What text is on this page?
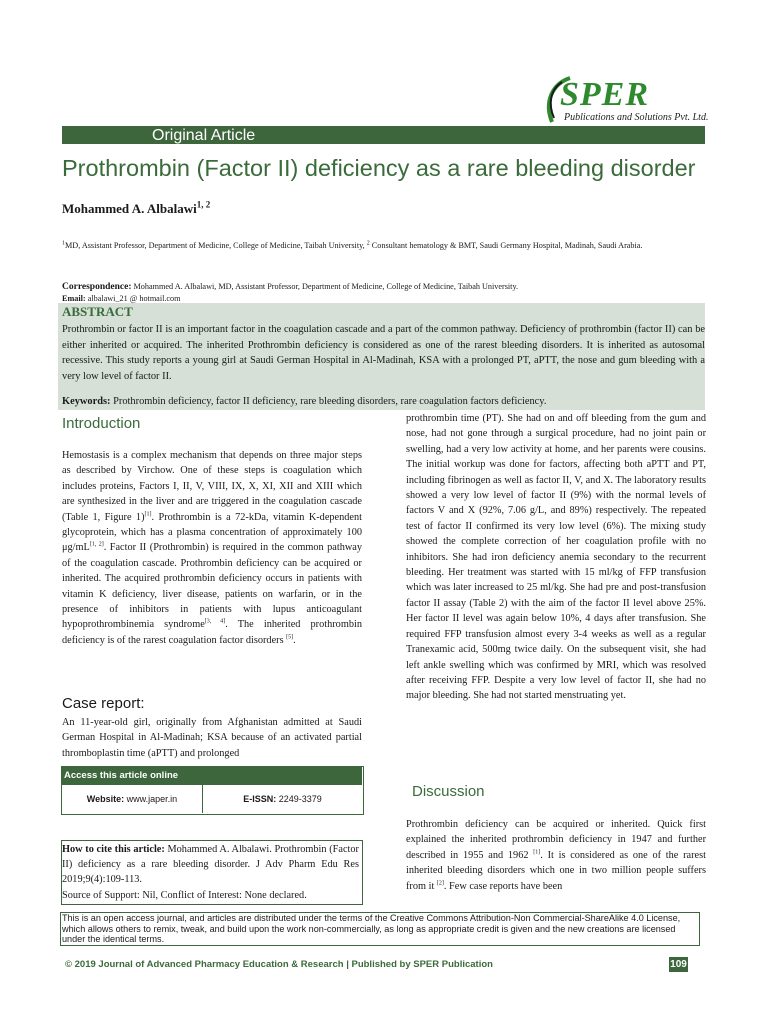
SPER
Publications and Solutions Pvt. Ltd.
Original Article
Prothrombin (Factor II) deficiency as a rare bleeding disorder
Mohammed A. Albalawi$^{1, 2}$
$^1$MD, Assistant Professor, Department of Medicine, College of Medicine, Taibah University, $^2$ Consultant hematology & BMT, Saudi Germany Hospital, Madinah, Saudi Arabia.
Correspondence: Mohammed A. Albalawi, MD, Assistant Professor, Department of Medicine, College of Medicine, Taibah University.
Email: albalawi_21 @ hotmail.com
ABSTRACT
Prothrombin or factor II is an important factor in the coagulation cascade and a part of the common pathway. Deficiency of prothrombin (factor II) can be either inherited or acquired. The inherited Prothrombin deficiency is considered as one of the rarest bleeding disorders. It is inherited as autosomal recessive. This study reports a young girl at Saudi German Hospital in Al-Madinah, KSA with a prolonged PT, aPTT, the nose and gum bleeding with a very low level of factor II.
Keywords: Prothrombin deficiency, factor II deficiency, rare bleeding disorders, rare coagulation factors deficiency.
Introduction
Hemostasis is a complex mechanism that depends on three major steps as described by Virchow. One of these steps is coagulation which includes proteins, Factors I, II, V, VIII, IX, X, XI, XII and XIII which are synthesized in the liver and are triggered in the coagulation cascade (Table 1, Figure 1)[1]. Prothrombin is a 72-kDa, vitamin K-dependent glycoprotein, which has a plasma concentration of approximately 100 μg/mL[1, 2]. Factor II (Prothrombin) is required in the common pathway of the coagulation cascade. Prothrombin deficiency can be acquired or inherited. The acquired prothrombin deficiency occurs in patients with vitamin K deficiency, liver disease, patients on warfarin, or in the presence of inhibitors in patients with lupus anticoagulant hypoprothrombinemia syndrome[3, 4]. The inherited prothrombin deficiency is of the rarest coagulation factor disorders [5].
Case report:
An 11-year-old girl, originally from Afghanistan admitted at Saudi German Hospital in Al-Madinah; KSA because of an activated partial thromboplastin time (aPTT) and prolonged
Access this article online
Website: www.japer.in	E-ISSN: 2249-3379
How to cite this article: Mohammed A. Albalawi. Prothrombin (Factor II) deficiency as a rare bleeding disorder. J Adv Pharm Edu Res 2019;9(4):109-113.
Source of Support: Nil, Conflict of Interest: None declared.
prothrombin time (PT). She had on and off bleeding from the gum and nose, had not gone through a surgical procedure, had no joint pain or swelling, had a very low activity at home, and her parents were cousins. The initial workup was done for factors, affecting both aPTT and PT, including fibrinogen as well as factor II, V, and X. The laboratory results showed a very low level of factor II (9%) with the normal levels of factors V and X (92%, 7.06 g/L, and 89%) respectively. The repeated test of factor II confirmed its very low level (6%). The mixing study showed the complete correction of her coagulation profile with no inhibitors. She had iron deficiency anemia secondary to the recurrent bleeding. Her treatment was started with 15 ml/kg of FFP transfusion which was later increased to 25 ml/kg. She had pre and post-transfusion factor II assay (Table 2) with the aim of the factor II level above 25%. Her factor II level was again below 10%, 4 days after transfusion. She required FFP transfusion almost every 3-4 weeks as well as a regular Tranexamic acid, 500mg twice daily. On the subsequent visit, she had left ankle swelling which was confirmed by MRI, which was resolved after receiving FFP. Despite a very low level of factor II, she had no major bleeding. She had not started menstruating yet.
Discussion
Prothrombin deficiency can be acquired or inherited. Quick first explained the inherited prothrombin deficiency in 1947 and further described in 1955 and 1962 [1]. It is considered as one of the rarest inherited bleeding disorders which one in two million people suffers from it [2]. Few case reports have been
This is an open access journal, and articles are distributed under the terms of the Creative Commons Attribution-Non Commercial-ShareAlike 4.0 License, which allows others to remix, tweak, and build upon the work non-commercially, as long as appropriate credit is given and the new creations are licensed under the identical terms.
© 2019 Journal of Advanced Pharmacy Education & Research | Published by SPER Publication	109
